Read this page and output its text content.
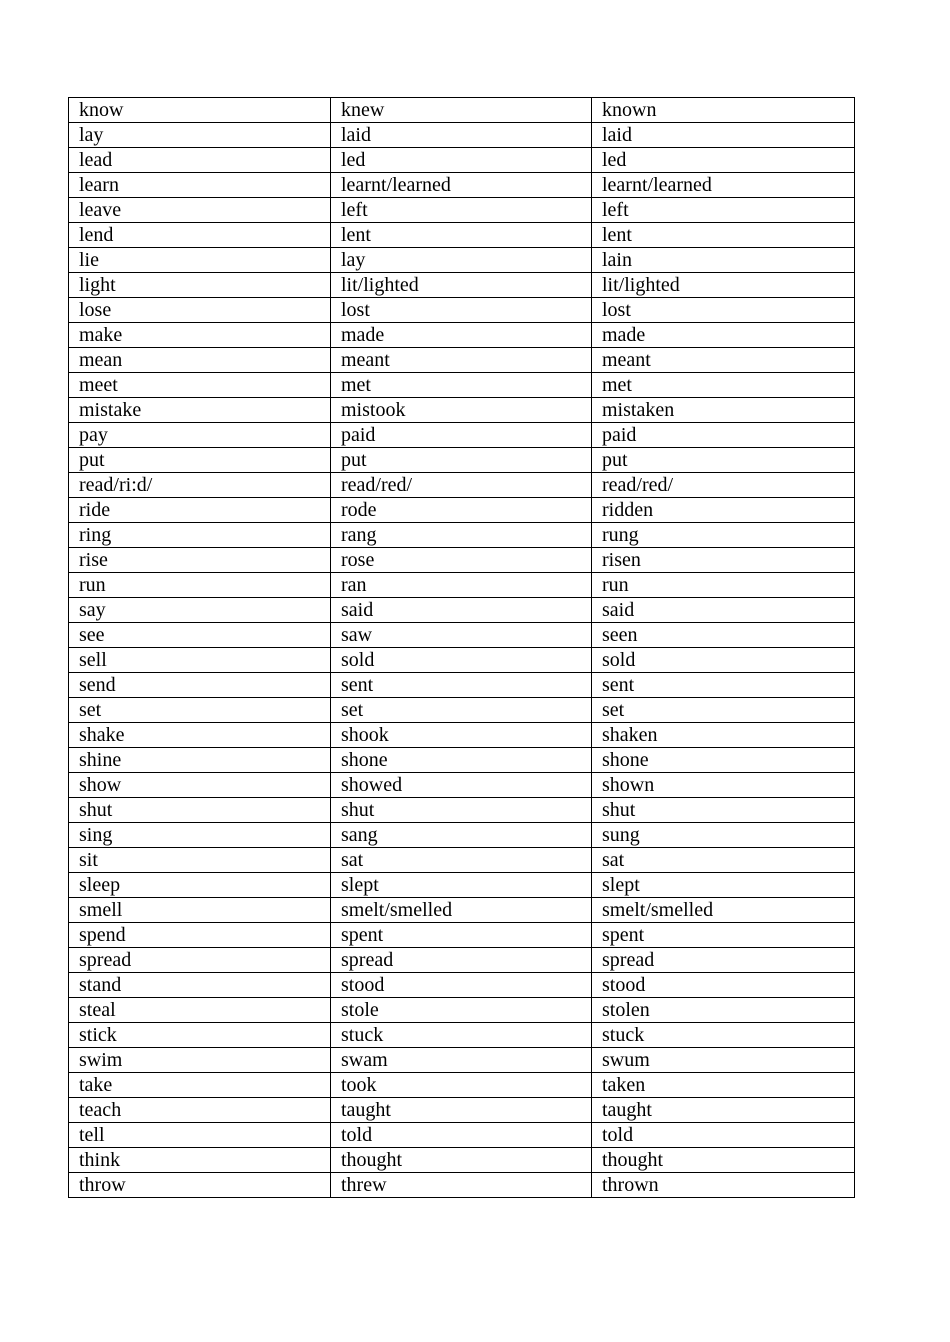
know	knew	known
lay	laid	laid
lead	led	led
learn	learnt/learned	learnt/learned
leave	left	left
lend	lent	lent
lie	lay	lain
light	lit/lighted	lit/lighted
lose	lost	lost
make	made	made
mean	meant	meant
meet	met	met
mistake	mistook	mistaken
pay	paid	paid
put	put	put
read/ri:d/	read/red/	read/red/
ride	rode	ridden
ring	rang	rung
rise	rose	risen
run	ran	run
say	said	said
see	saw	seen
sell	sold	sold
send	sent	sent
set	set	set
shake	shook	shaken
shine	shone	shone
show	showed	shown
shut	shut	shut
sing	sang	sung
sit	sat	sat
sleep	slept	slept
smell	smelt/smelled	smelt/smelled
spend	spent	spent
spread	spread	spread
stand	stood	stood
steal	stole	stolen
stick	stuck	stuck
swim	swam	swum
take	took	taken
teach	taught	taught
tell	told	told
think	thought	thought
throw	threw	thrown
